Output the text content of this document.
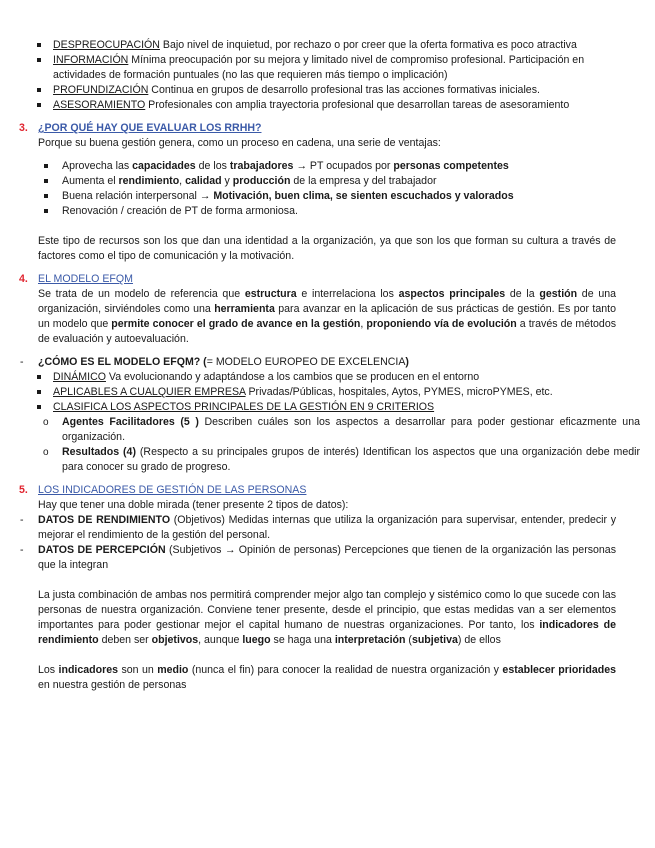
DESPREOCUPACIÓN Bajo nivel de inquietud, por rechazo o por creer que la oferta formativa es poco atractiva
INFORMACIÓN Mínima preocupación por su mejora y limitado nivel de compromiso profesional. Participación en actividades de formación puntuales (no las que requieren más tiempo o implicación)
PROFUNDIZACIÓN Continua en grupos de desarrollo profesional tras las acciones formativas iniciales.
ASESORAMIENTO Profesionales con amplia trayectoria profesional que desarrollan tareas de asesoramiento
3. ¿POR QUÉ HAY QUE EVALUAR LOS RRHH?

Porque su buena gestión genera, como un proceso en cadena, una serie de ventajas:

Aprovecha las capacidades de los trabajadores → PT ocupados por personas competentes
Aumenta el rendimiento, calidad y producción de la empresa y del trabajador
Buena relación interpersonal → Motivación, buen clima, se sienten escuchados y valorados
Renovación / creación de PT de forma armoniosa.

Este tipo de recursos son los que dan una identidad a la organización, ya que son los que forman su cultura a través de factores como el tipo de comunicación y la motivación.

4. EL MODELO EFQM

Se trata de un modelo de referencia que estructura e interrelaciona los aspectos principales de la gestión de una organización, sirviéndoles como una herramienta para avanzar en la aplicación de sus prácticas de gestión. Es por tanto un modelo que permite conocer el grado de avance en la gestión, proponiendo vía de evolución a través de métodos de evaluación y autoevaluación.

- ¿CÓMO ES EL MODELO EFQM? (= MODELO EUROPEO DE EXCELENCIA)
DINÁMICO Va evolucionando y adaptándose a los cambios que se producen en el entorno
APLICABLES A CUALQUIER EMPRESA Privadas/Públicas, hospitales, Aytos, PYMES, microPYMES, etc.
CLASIFICA LOS ASPECTOS PRINCIPALES DE LA GESTIÓN EN 9 CRITERIOS
o Agentes Facilitadores (5 ) Describen cuáles son los aspectos a desarrollar para poder gestionar eficazmente una organización.
o Resultados (4) (Respecto a su principales grupos de interés) Identifican los aspectos que una organización debe medir para conocer su grado de progreso.
5. LOS INDICADORES DE GESTIÓN DE LAS PERSONAS

Hay que tener una doble mirada (tener presente 2 tipos de datos):

- DATOS DE RENDIMIENTO (Objetivos) Medidas internas que utiliza la organización para supervisar, entender, predecir y mejorar el rendimiento de la gestión del personal.
- DATOS DE PERCEPCIÓN (Subjetivos → Opinión de personas) Percepciones que tienen de la organización las personas que la integran

La justa combinación de ambas nos permitirá comprender mejor algo tan complejo y sistémico como lo que sucede con las personas de nuestra organización. Conviene tener presente, desde el principio, que estas medidas van a ser elementos importantes para poder gestionar mejor el capital humano de nuestras organizaciones. Por tanto, los indicadores de rendimiento deben ser objetivos, aunque luego se haga una interpretación (subjetiva) de ellos

Los indicadores son un medio (nunca el fin) para conocer la realidad de nuestra organización y establecer prioridades en nuestra gestión de personas
